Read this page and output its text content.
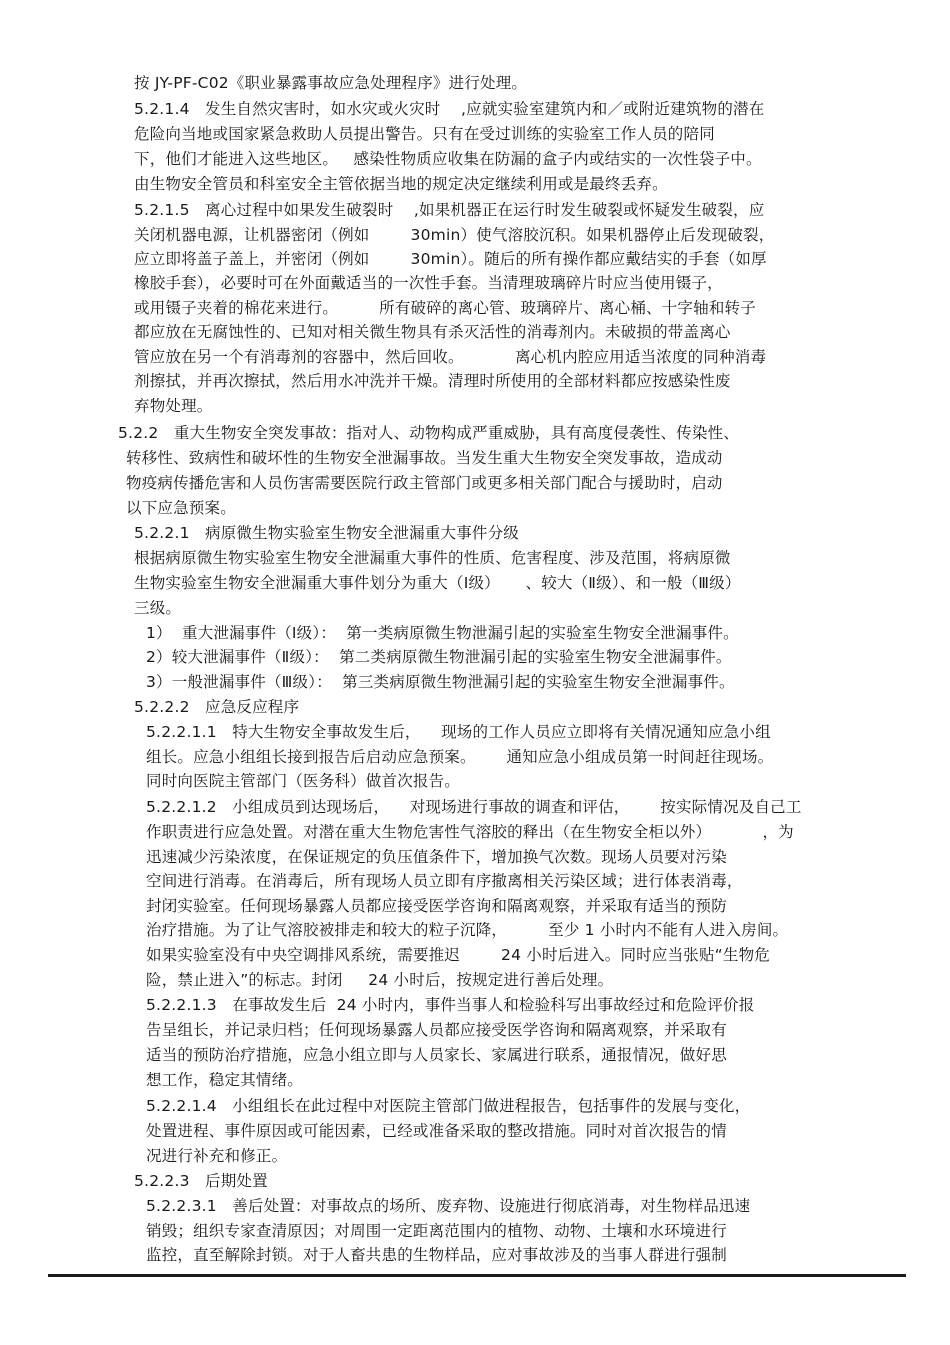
按 JY-PF-C02《职业暴露事故应急处理程序》进行处理。
5.2.1.4   发生自然灾害时，如水灾或火灾时    ,应就实验室建筑内和／或附近建筑物的潜在
危险向当地或国家紧急救助人员提出警告。只有在受过训练的实验室工作人员的陪同
下，他们才能进入这些地区。   感染性物质应收集在防漏的盒子内或结实的一次性袋子中。
由生物安全管员和科室安全主管依据当地的规定决定继续利用或是最终丢弃。
5.2.1.5   离心过程中如果发生破裂时    ,如果机器正在运行时发生破裂或怀疑发生破裂，应
关闭机器电源，让机器密闭（例如        30min）使气溶胶沉积。如果机器停止后发现破裂，
应立即将盖子盖上，并密闭（例如        30min）。随后的所有操作都应戴结实的手套（如厚
橡胶手套），必要时可在外面戴适当的一次性手套。当清理玻璃碎片时应当使用镊子，
或用镊子夹着的棉花来进行。        所有破碎的离心管、玻璃碎片、离心桶、十字轴和转子
都应放在无腐蚀性的、已知对相关微生物具有杀灭活性的消毒剂内。未破损的带盖离心
管应放在另一个有消毒剂的容器中，然后回收。          离心机内腔应用适当浓度的同种消毒
剂擦拭，并再次擦拭，然后用水冲洗并干燥。清理时所使用的全部材料都应按感染性废
弃物处理。
5.2.2   重大生物安全突发事故：指对人、动物构成严重威胁，具有高度侵袭性、传染性、
转移性、致病性和破坏性的生物安全泄漏事故。当发生重大生物安全突发事故，造成动
物疫病传播危害和人员伤害需要医院行政主管部门或更多相关部门配合与援助时，启动
以下应急预案。
5.2.2.1   病原微生物实验室生物安全泄漏重大事件分级
根据病原微生物实验室生物安全泄漏重大事件的性质、危害程度、涉及范围，将病原微
生物实验室生物安全泄漏重大事件划分为重大（Ⅰ级）     、较大（Ⅱ级）、和一般（Ⅲ级）
三级。
1）  重大泄漏事件（Ⅰ级）：  第一类病原微生物泄漏引起的实验室生物安全泄漏事件。
2）较大泄漏事件（Ⅱ级）：  第二类病原微生物泄漏引起的实验室生物安全泄漏事件。
3）一般泄漏事件（Ⅲ级）：  第三类病原微生物泄漏引起的实验室生物安全泄漏事件。
5.2.2.2   应急反应程序
5.2.2.1.1   特大生物安全事故发生后，    现场的工作人员应立即将有关情况通知应急小组
组长。应急小组组长接到报告后启动应急预案。      通知应急小组成员第一时间赶往现场。
同时向医院主管部门（医务科）做首次报告。
5.2.2.1.2   小组成员到达现场后，    对现场进行事故的调查和评估，      按实际情况及自己工
作职责进行应急处置。对潜在重大生物危害性气溶胶的释出（在生物安全柜以外）          ，为
迅速减少污染浓度，在保证规定的负压值条件下，增加换气次数。现场人员要对污染
空间进行消毒。在消毒后，所有现场人员立即有序撤离相关污染区域；进行体表消毒，
封闭实验室。任何现场暴露人员都应接受医学咨询和隔离观察，并采取有适当的预防
治疗措施。为了让气溶胶被排走和较大的粒子沉降，        至少 1 小时内不能有人进入房间。
如果实验室没有中央空调排风系统，需要推迟        24 小时后进入。同时应当张贴“生物危
险，禁止进入”的标志。封闭     24 小时后，按规定进行善后处理。
5.2.2.1.3   在事故发生后  24 小时内，事件当事人和检验科写出事故经过和危险评价报
告呈组长，并记录归档；任何现场暴露人员都应接受医学咨询和隔离观察，并采取有
适当的预防治疗措施，应急小组立即与人员家长、家属进行联系，通报情况，做好思
想工作，稳定其情绪。
5.2.2.1.4   小组组长在此过程中对医院主管部门做进程报告，包括事件的发展与变化，
处置进程、事件原因或可能因素，已经或准备采取的整改措施。同时对首次报告的情
况进行补充和修正。
5.2.2.3   后期处置
5.2.2.3.1   善后处置：对事故点的场所、废弃物、设施进行彻底消毒，对生物样品迅速
销毁；组织专家查清原因；对周围一定距离范围内的植物、动物、土壤和水环境进行
监控，直至解除封锁。对于人畜共患的生物样品，应对事故涉及的当事人群进行强制
